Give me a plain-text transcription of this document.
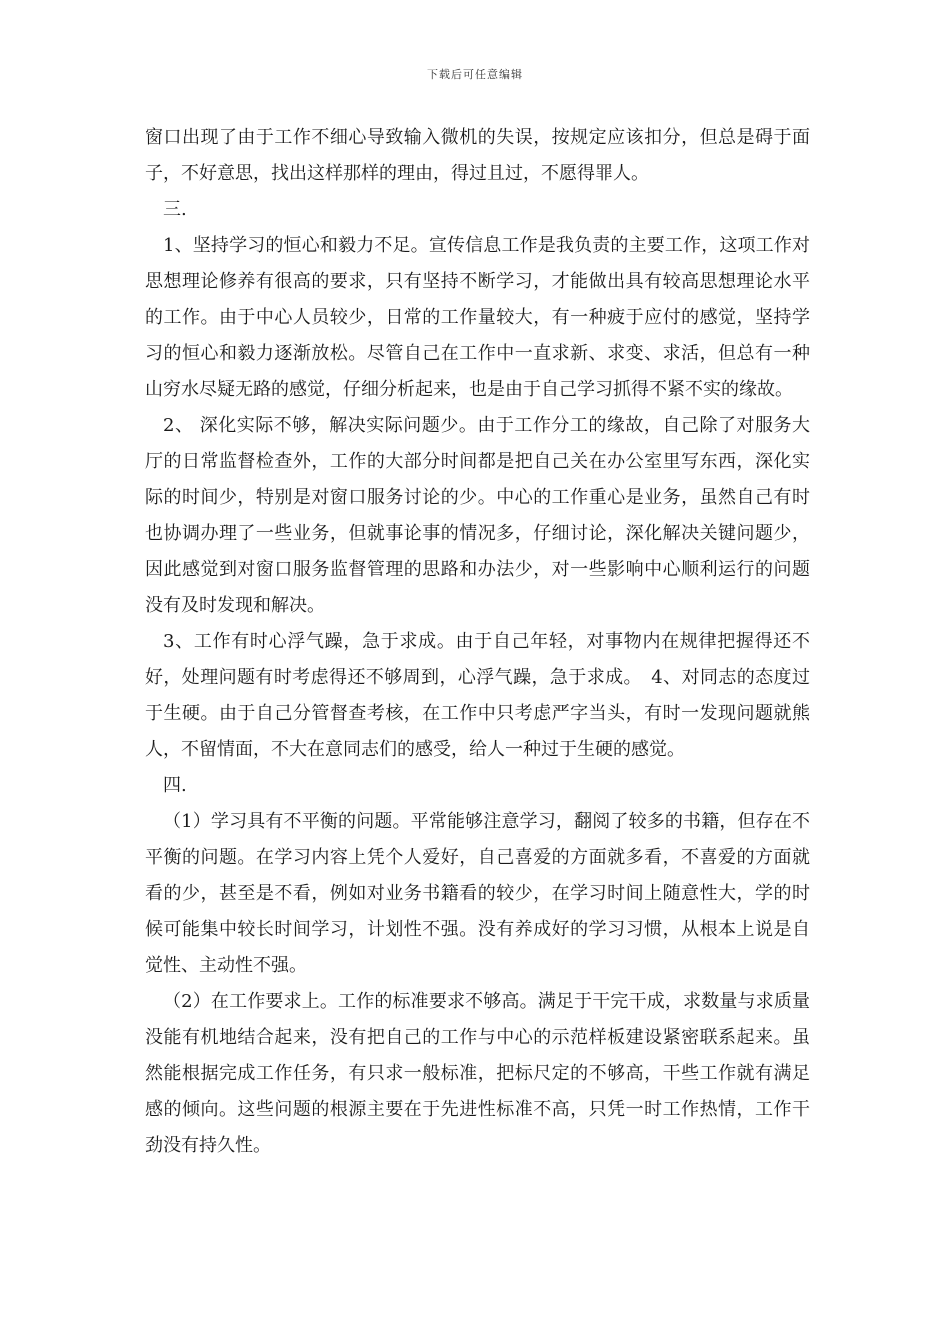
下载后可任意编辑

窗口出现了由于工作不细心导致输入微机的失误，按规定应该扣分，但总是碍于面子，不好意思，找出这样那样的理由，得过且过，不愿得罪人。

三.

1、坚持学习的恒心和毅力不足。宣传信息工作是我负责的主要工作，这项工作对思想理论修养有很高的要求，只有坚持不断学习，才能做出具有较高思想理论水平的工作。由于中心人员较少，日常的工作量较大，有一种疲于应付的感觉，坚持学习的恒心和毅力逐渐放松。尽管自己在工作中一直求新、求变、求活，但总有一种山穷水尽疑无路的感觉，仔细分析起来，也是由于自己学习抓得不紧不实的缘故。

2、 深化实际不够，解决实际问题少。由于工作分工的缘故，自己除了对服务大厅的日常监督检查外，工作的大部分时间都是把自己关在办公室里写东西，深化实际的时间少，特别是对窗口服务讨论的少。中心的工作重心是业务，虽然自己有时也协调办理了一些业务，但就事论事的情况多，仔细讨论，深化解决关键问题少，因此感觉到对窗口服务监督管理的思路和办法少，对一些影响中心顺利运行的问题没有及时发现和解决。

3、工作有时心浮气躁，急于求成。由于自己年轻，对事物内在规律把握得还不好，处理问题有时考虑得还不够周到，心浮气躁，急于求成。　4、对同志的态度过于生硬。由于自己分管督查考核，在工作中只考虑严字当头，有时一发现问题就熊人，不留情面，不大在意同志们的感受，给人一种过于生硬的感觉。

四.

（1）学习具有不平衡的问题。平常能够注意学习，翻阅了较多的书籍，但存在不平衡的问题。在学习内容上凭个人爱好，自己喜爱的方面就多看，不喜爱的方面就看的少，甚至是不看，例如对业务书籍看的较少，在学习时间上随意性大，学的时候可能集中较长时间学习，计划性不强。没有养成好的学习习惯，从根本上说是自觉性、主动性不强。

（2）在工作要求上。工作的标准要求不够高。满足于干完干成，求数量与求质量没能有机地结合起来，没有把自己的工作与中心的示范样板建设紧密联系起来。虽然能根据完成工作任务，有只求一般标准，把标尺定的不够高，干些工作就有满足感的倾向。这些问题的根源主要在于先进性标准不高，只凭一时工作热情，工作干劲没有持久性。
